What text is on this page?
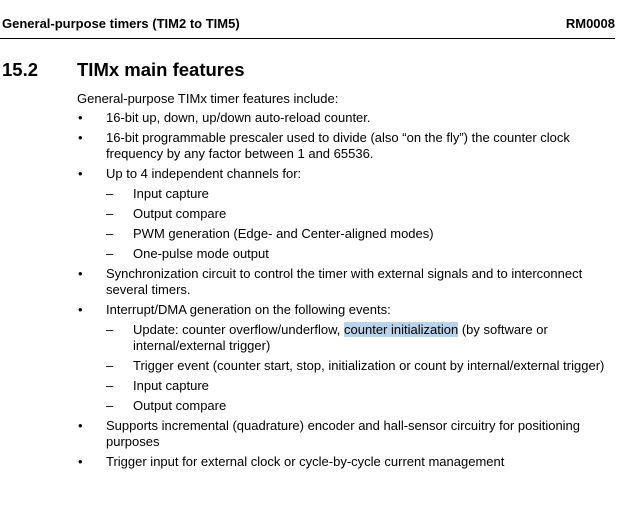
General-purpose timers (TIM2 to TIM5)	RM0008
15.2 TIMx main features
General-purpose TIMx timer features include:
• 16-bit up, down, up/down auto-reload counter.
• 16-bit programmable prescaler used to divide (also “on the fly”) the counter clock frequency by any factor between 1 and 65536.
• Up to 4 independent channels for:
– Input capture
– Output compare
– PWM generation (Edge- and Center-aligned modes)
– One-pulse mode output
• Synchronization circuit to control the timer with external signals and to interconnect several timers.
• Interrupt/DMA generation on the following events:
– Update: counter overflow/underflow, counter initialization (by software or internal/external trigger)
– Trigger event (counter start, stop, initialization or count by internal/external trigger)
– Input capture
– Output compare
• Supports incremental (quadrature) encoder and hall-sensor circuitry for positioning purposes
• Trigger input for external clock or cycle-by-cycle current management
